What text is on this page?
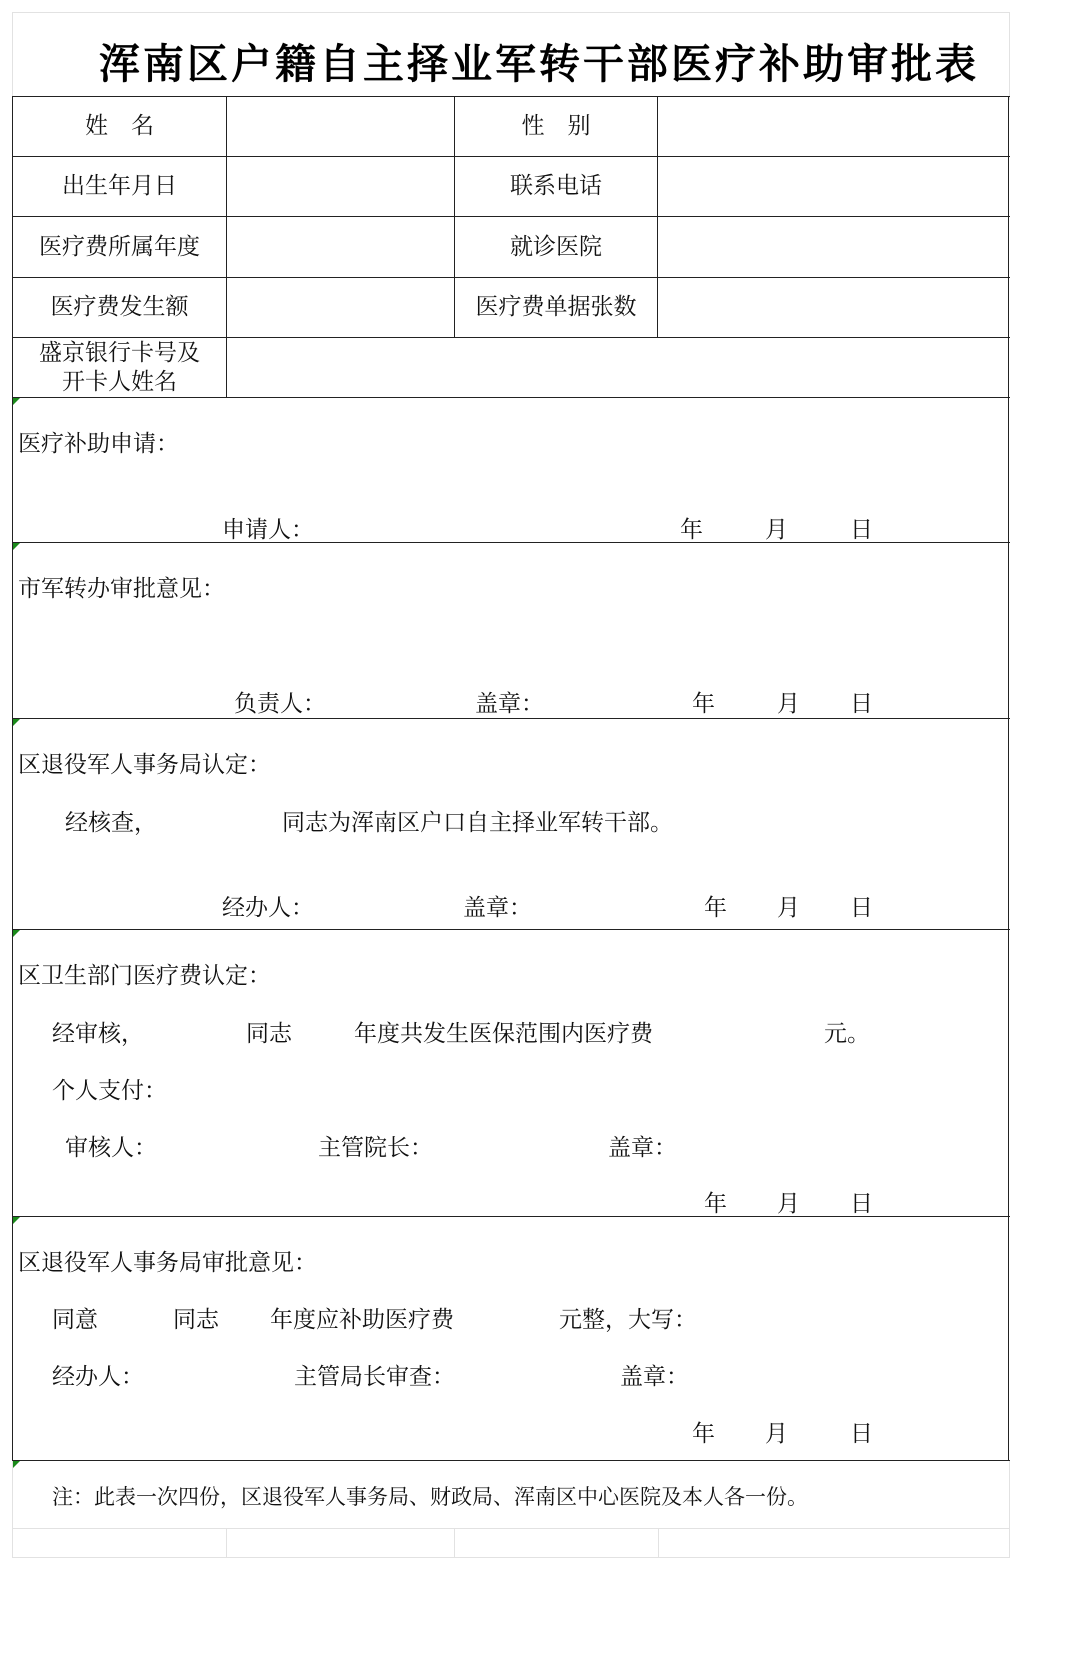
浑南区户籍自主择业军转干部医疗补助审批表
姓　名	性　别
出生年月日	联系电话
医疗费所属年度	就诊医院
医疗费发生额	医疗费单据张数
盛京银行卡号及
开卡人姓名
医疗补助申请：
申请人：	年	月	日
市军转办审批意见：
负责人：	盖章：	年	月 日
区退役军人事务局认定：
经核查，	同志为浑南区户口自主择业军转干部。
经办人：	盖章：	年 月 日
区卫生部门医疗费认定：
经审核，	同志	年度共发生医保范围内医疗费	元。
个人支付：
审核人：	主管院长：	盖章：
年 月 日
区退役军人事务局审批意见：
同意	同志 年度应补助医疗费	元整，大写：
经办人：	主管局长审查：	盖章：
年 月	日
注：此表一次四份，区退役军人事务局、财政局、浑南区中心医院及本人各一份。
